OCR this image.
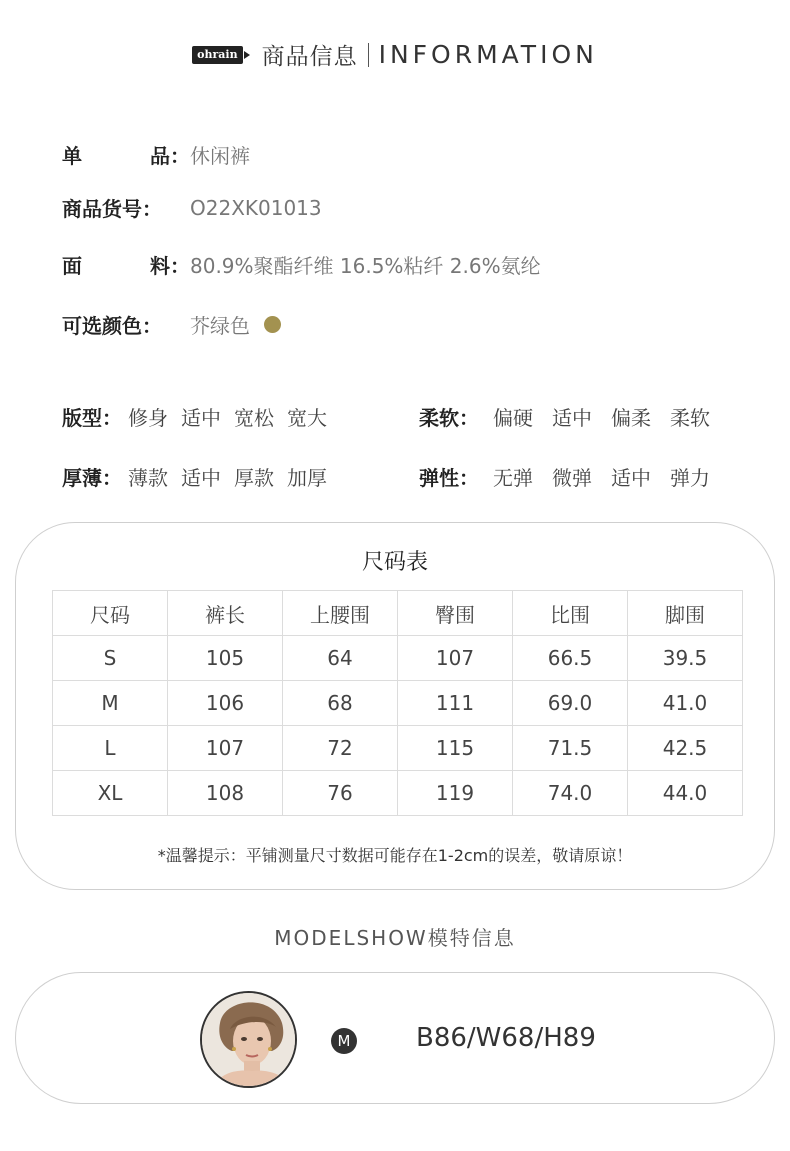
ohrain 商品信息 INFORMATION
单	品： 休闲裤
商品货号：	O22XK01013
面	料： 80.9%聚酯纤维 16.5%粘纤 2.6%氨纶
可选颜色：	芥绿色
版型： 修身 适中 宽松 宽大	柔软： 偏硬 适中 偏柔 柔软
厚薄： 薄款 适中 厚款 加厚	弹性： 无弹 微弹 适中 弹力
尺码表
尺码	裤长	上腰围	臀围	比围	脚围
S	105	64	107	66.5	39.5
M	106	68	111	69.0	41.0
L	107	72	115	71.5	42.5
XL	108	76	119	74.0	44.0
*温馨提示：平铺测量尺寸数据可能存在1-2cm的误差，敬请原谅！
MODELSHOW模特信息
M	B86/W68/H89
